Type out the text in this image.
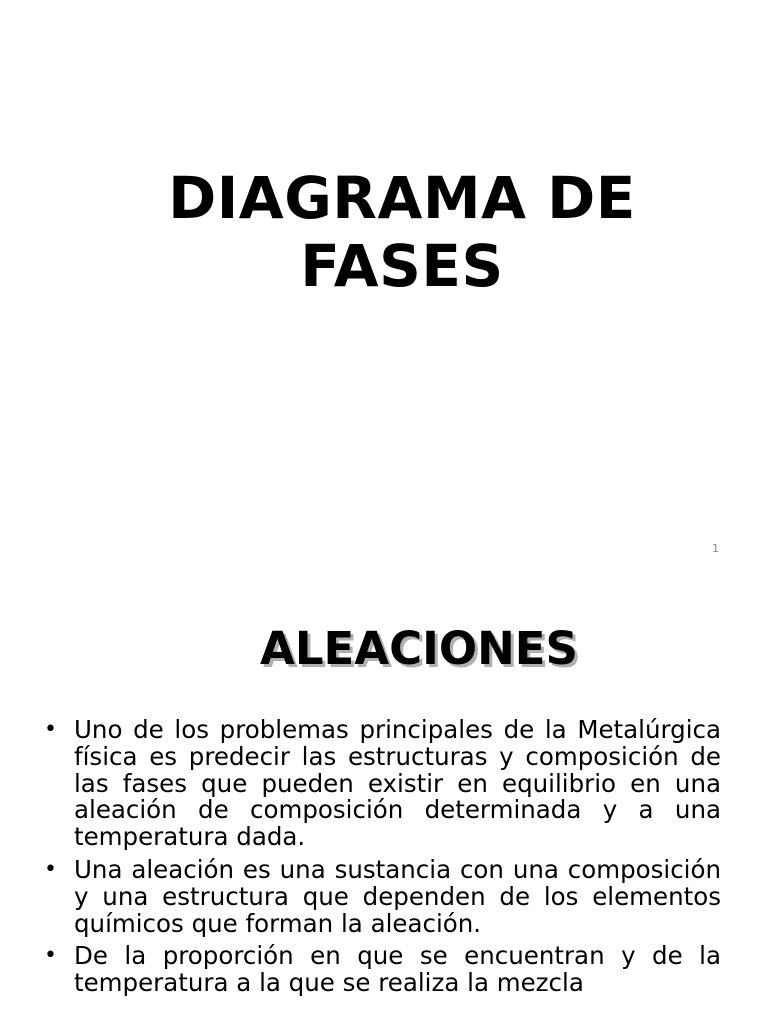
DIAGRAMA DE
FASES
1
ALEACIONES
• Uno de los problemas principales de la Metalúrgica física es predecir las estructuras y composición de las fases que pueden existir en equilibrio en una aleación de composición determinada y a una temperatura dada.
• Una aleación es una sustancia con una composición y una estructura que dependen de los elementos químicos que forman la aleación.
• De la proporción en que se encuentran y de la temperatura a la que se realiza la mezcla
